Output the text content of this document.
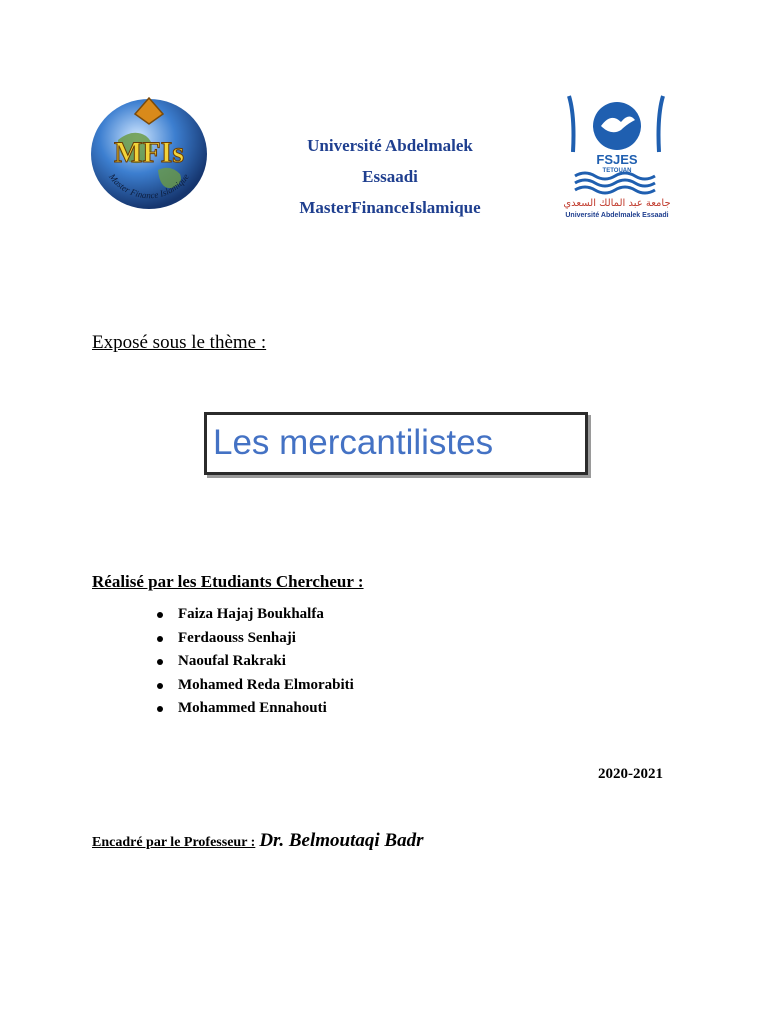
MFIs
Master Finance Islamique
Université Abdelmalek
Essaadi
MasterFinanceIslamique
FSJES
TETOUAN
جامعة عبد المالك السعدي
Université Abdelmalek Essaadi
Exposé sous le thème :
Les mercantilistes
Réalisé par les Etudiants Chercheur :
Faiza Hajaj Boukhalfa
Ferdaouss Senhaji
Naoufal Rakraki
Mohamed Reda Elmorabiti
Mohammed Ennahouti
2020-2021
Encadré par le Professeur : Dr. Belmoutaqi Badr
